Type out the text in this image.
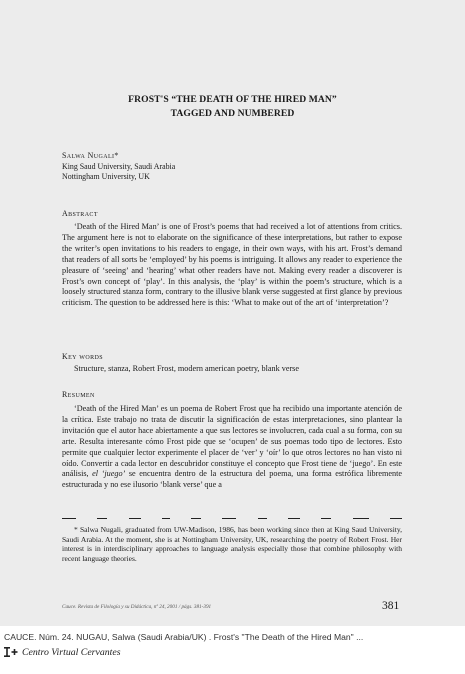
FROST'S “THE DEATH OF THE HIRED MAN”
TAGGED AND NUMBERED
Salwa Nugali*
King Saud University, Saudi Arabia
Nottingham University, UK
Abstract

‘Death of the Hired Man’ is one of Frost’s poems that had received a lot of attentions from critics. The argument here is not to elaborate on the significance of these interpretations, but rather to expose the writer’s open invitations to his readers to engage, in their own ways, with his art. Frost’s demand that readers of all sorts be ‘employed’ by his poems is intriguing. It allows any reader to experience the pleasure of ‘seeing’ and ‘hearing’ what other readers have not. Making every reader a discoverer is Frost’s own concept of ‘play’. In this analysis, the ‘play’ is within the poem’s structure, which is a loosely structured stanza form, contrary to the illusive blank verse suggested at first glance by previous criticism. The question to be addressed here is this: ‘What to make out of the art of ‘interpretation’?

Key words

Structure, stanza, Robert Frost, modern american poetry, blank verse

Resumen

‘Death of the Hired Man’ es un poema de Robert Frost que ha recibido una importante atención de la crítica. Este trabajo no trata de discutir la significación de estas interpretaciones, sino plantear la invitación que el autor hace abiertamente a que sus lectores se involucren, cada cual a su forma, con su arte. Resulta interesante cómo Frost pide que se ‘ocupen’ de sus poemas todo tipo de lectores. Esto permite que cualquier lector experimente el placer de ‘ver’ y ‘oír’ lo que otros lectores no han visto ni oído. Convertir a cada lector en descubridor constituye el concepto que Frost tiene de ‘juego’. En este análisis, el ‘juego’ se encuentra dentro de la estructura del poema, una forma estrófica libremente estructurada y no ese ilusorio ‘blank verse’ que a

* Salwa Nugali, graduated from UW-Madison, 1986, has been working since then at King Saud University, Saudi Arabia. At the moment, she is at Nottingham University, UK, researching the poetry of Robert Frost. Her interest is in interdisciplinary approaches to language analysis especially those that combine philosophy with recent language theories.

Cauce. Revista de Filología y su Didáctica, nº 24, 2001 / págs. 381-391	381
CAUCE. Núm. 24. NUGAU, Salwa (Saudi Arabia/UK) . Frost's "The Death of the Hired Man" ...
Centro Virtual Cervantes
